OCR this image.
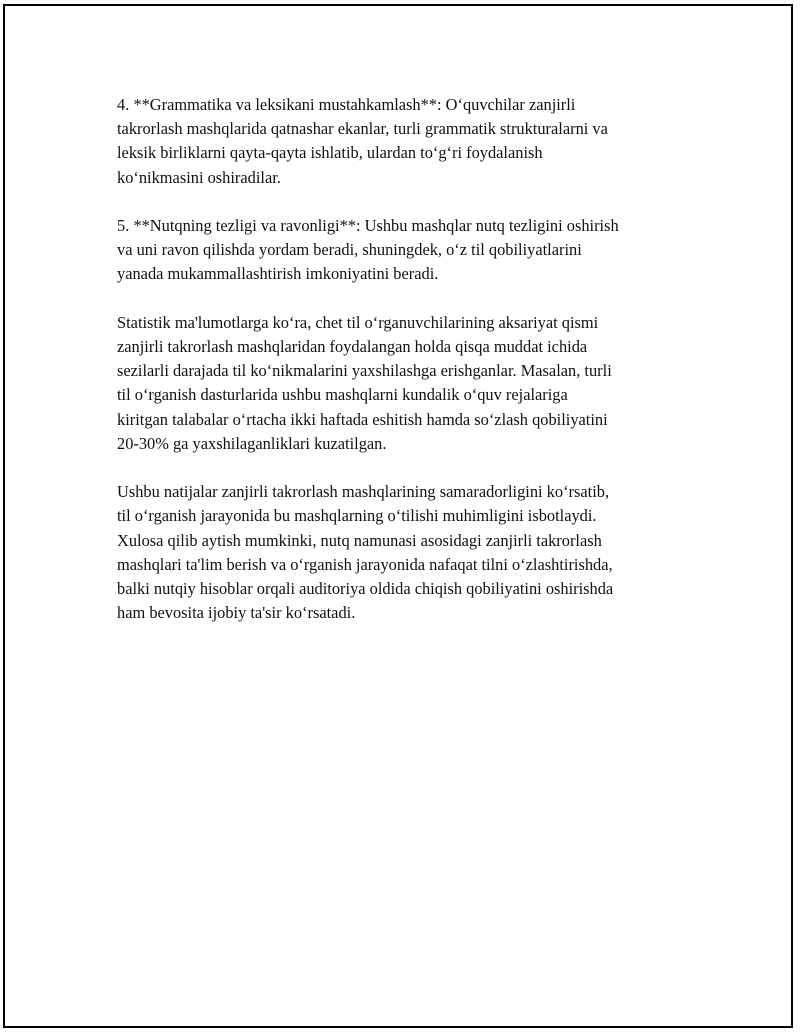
4. **Grammatika va leksikani mustahkamlash**: O‘quvchilar zanjirli
takrorlash mashqlarida qatnashar ekanlar, turli grammatik strukturalarni va
leksik birliklarni qayta-qayta ishlatib, ulardan to‘g‘ri foydalanish
ko‘nikmasini oshiradilar.

5. **Nutqning tezligi va ravonligi**: Ushbu mashqlar nutq tezligini oshirish
va uni ravon qilishda yordam beradi, shuningdek, o‘z til qobiliyatlarini
yanada mukammallashtirish imkoniyatini beradi.

Statistik ma'lumotlarga ko‘ra, chet til o‘rganuvchilarining aksariyat qismi
zanjirli takrorlash mashqlaridan foydalangan holda qisqa muddat ichida
sezilarli darajada til ko‘nikmalarini yaxshilashga erishganlar. Masalan, turli
til o‘rganish dasturlarida ushbu mashqlarni kundalik o‘quv rejalariga
kiritgan talabalar o‘rtacha ikki haftada eshitish hamda so‘zlash qobiliyatini
20-30% ga yaxshilaganliklari kuzatilgan.

Ushbu natijalar zanjirli takrorlash mashqlarining samaradorligini ko‘rsatib,
til o‘rganish jarayonida bu mashqlarning o‘tilishi muhimligini isbotlaydi.
Xulosa qilib aytish mumkinki, nutq namunasi asosidagi zanjirli takrorlash
mashqlari ta'lim berish va o‘rganish jarayonida nafaqat tilni o‘zlashtirishda,
balki nutqiy hisoblar orqali auditoriya oldida chiqish qobiliyatini oshirishda
ham bevosita ijobiy ta'sir ko‘rsatadi.
